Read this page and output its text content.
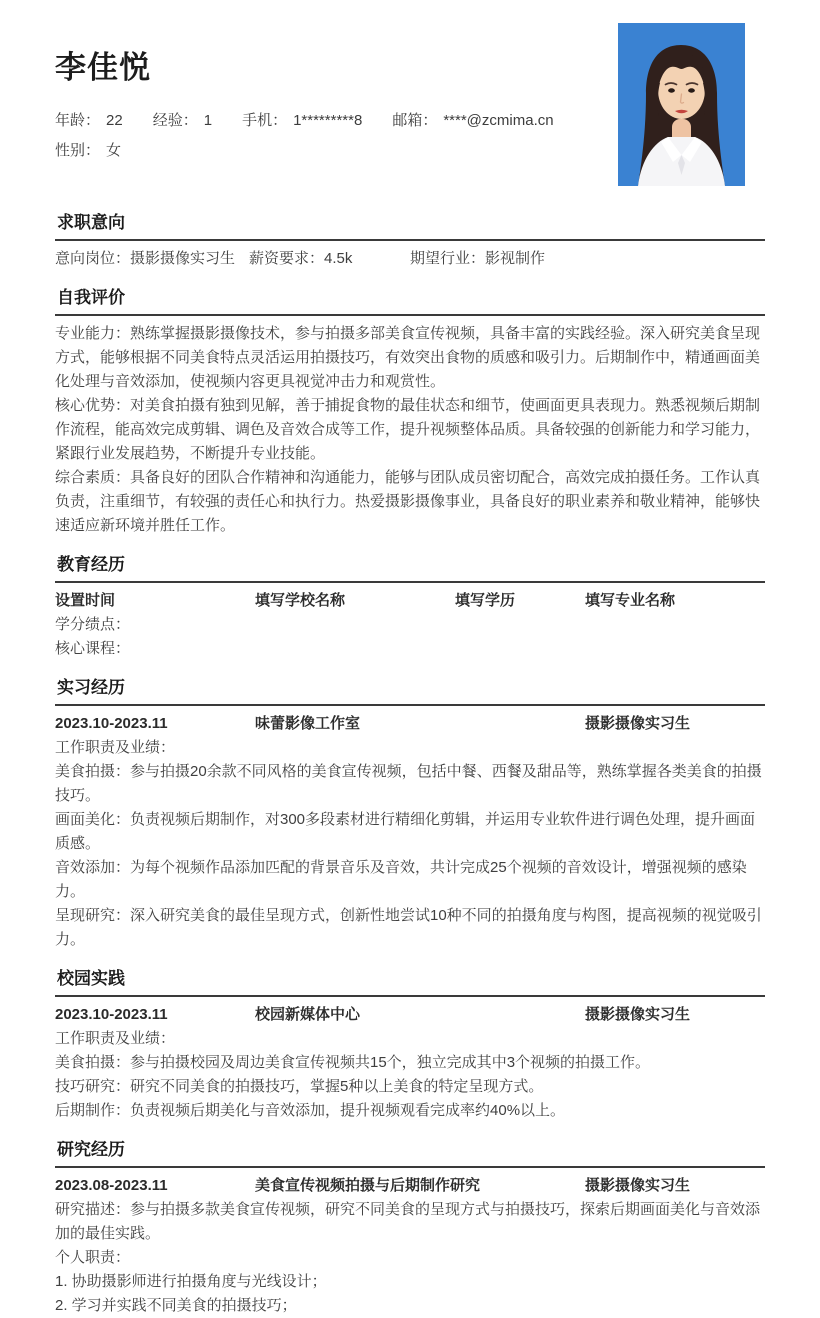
李佳悦
年龄： 22 经验： 1 手机： 1*********8 邮箱： ****@zcmima.cn
性别： 女
求职意向
意向岗位：摄影摄像实习生 薪资要求：4.5k	期望行业：影视制作
自我评价

专业能力：熟练掌握摄影摄像技术，参与拍摄多部美食宣传视频，具备丰富的实践经验。深入研究美食呈现方式，能够根据不同美食特点灵活运用拍摄技巧，有效突出食物的质感和吸引力。后期制作中，精通画面美化处理与音效添加，使视频内容更具视觉冲击力和观赏性。

核心优势：对美食拍摄有独到见解，善于捕捉食物的最佳状态和细节，使画面更具表现力。熟悉视频后期制作流程，能高效完成剪辑、调色及音效合成等工作，提升视频整体品质。具备较强的创新能力和学习能力，紧跟行业发展趋势，不断提升专业技能。

综合素质：具备良好的团队合作精神和沟通能力，能够与团队成员密切配合，高效完成拍摄任务。工作认真负责，注重细节，有较强的责任心和执行力。热爱摄影摄像事业，具备良好的职业素养和敬业精神，能够快速适应新环境并胜任工作。

教育经历
设置时间	填写学校名称	填写学历	填写专业名称
学分绩点：
核心课程：
实习经历
2023.10-2023.11	味蕾影像工作室	摄影摄像实习生
工作职责及业绩：
美食拍摄：参与拍摄20余款不同风格的美食宣传视频，包括中餐、西餐及甜品等，熟练掌握各类美食的拍摄技巧。
画面美化：负责视频后期制作，对300多段素材进行精细化剪辑，并运用专业软件进行调色处理，提升画面质感。
音效添加：为每个视频作品添加匹配的背景音乐及音效，共计完成25个视频的音效设计，增强视频的感染力。
呈现研究：深入研究美食的最佳呈现方式，创新性地尝试10种不同的拍摄角度与构图，提高视频的视觉吸引力。
校园实践
2023.10-2023.11	校园新媒体中心	摄影摄像实习生
工作职责及业绩：
美食拍摄：参与拍摄校园及周边美食宣传视频共15个，独立完成其中3个视频的拍摄工作。
技巧研究：研究不同美食的拍摄技巧，掌握5种以上美食的特定呈现方式。
后期制作：负责视频后期美化与音效添加，提升视频观看完成率约40%以上。
研究经历
2023.08-2023.11	美食宣传视频拍摄与后期制作研究	摄影摄像实习生
研究描述：参与拍摄多款美食宣传视频，研究不同美食的呈现方式与拍摄技巧，探索后期画面美化与音效添加的最佳实践。
个人职责：
1. 协助摄影师进行拍摄角度与光线设计；
2. 学习并实践不同美食的拍摄技巧；
